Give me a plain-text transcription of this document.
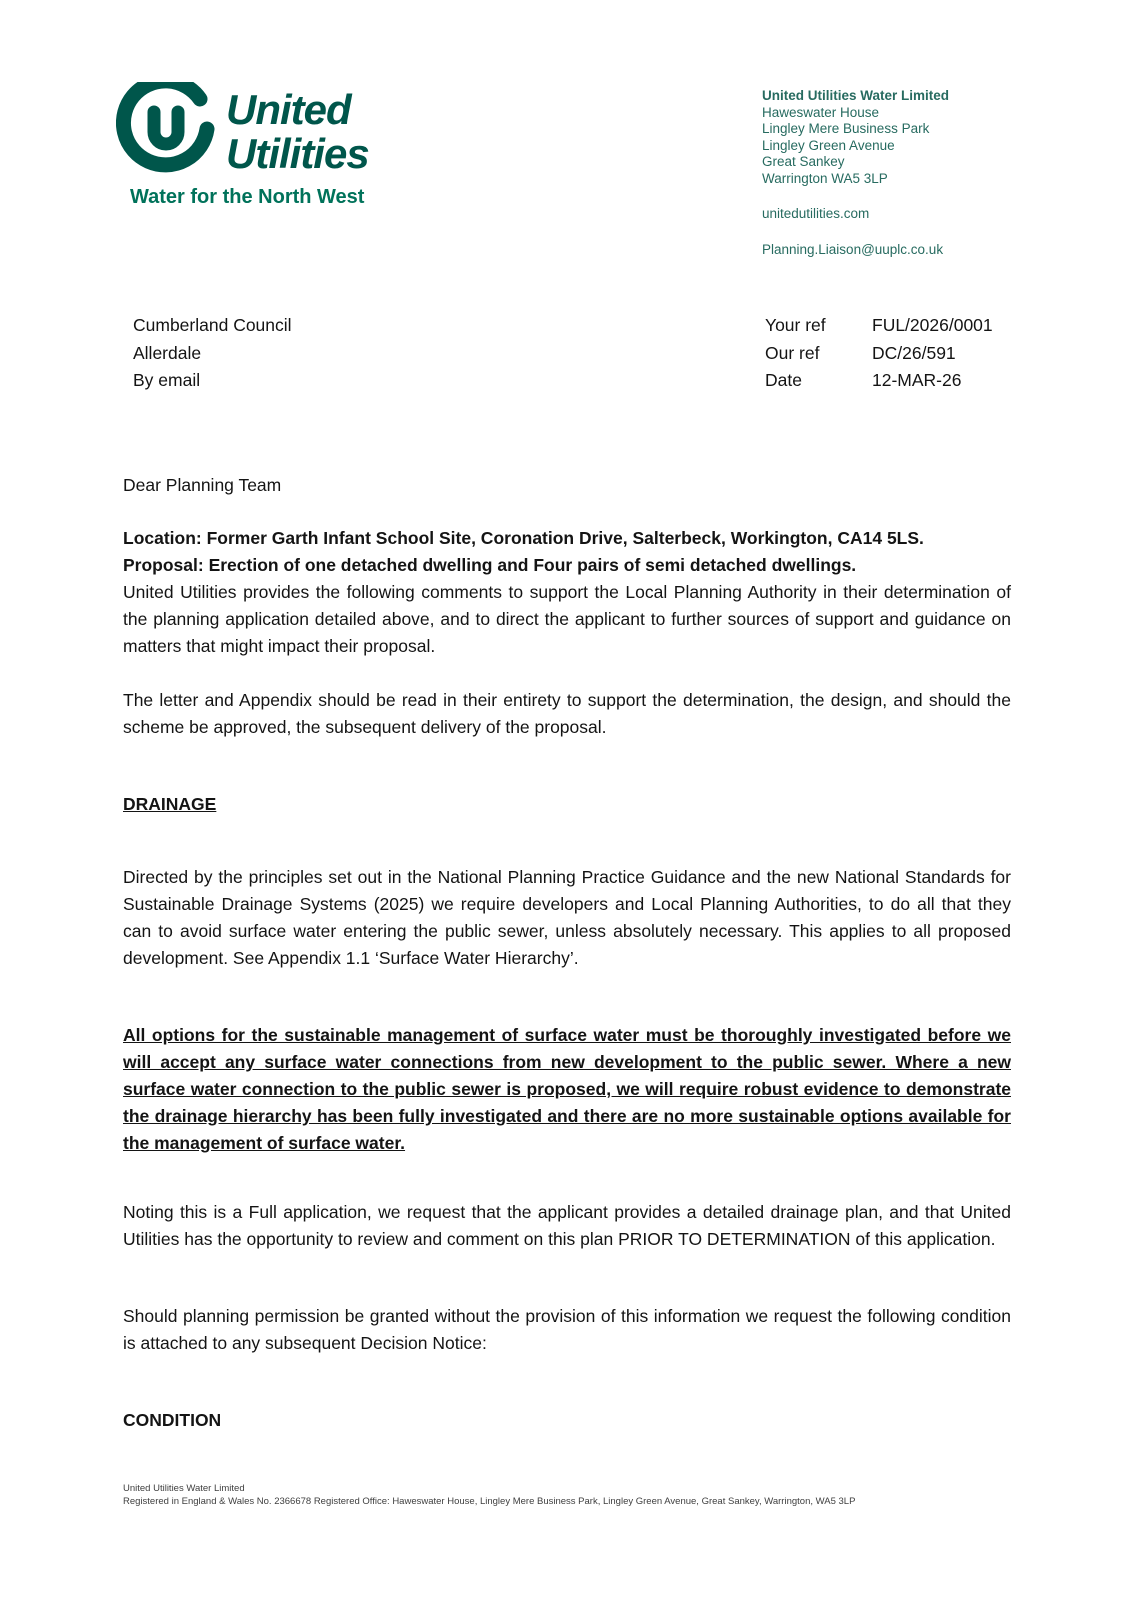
United
Utilities
Water for the North West
United Utilities Water Limited
Haweswater House
Lingley Mere Business Park
Lingley Green Avenue
Great Sankey
Warrington WA5 3LP
unitedutilities.com
Planning.Liaison@uuplc.co.uk
Cumberland Council
Allerdale
By email
Your ref	FUL/2026/0001
Our ref	DC/26/591
Date	12-MAR-26

Dear Planning Team

Location: Former Garth Infant School Site, Coronation Drive, Salterbeck, Workington, CA14 5LS.
Proposal: Erection of one detached dwelling and Four pairs of semi detached dwellings.
United Utilities provides the following comments to support the Local Planning Authority in their determination of the planning application detailed above, and to direct the applicant to further sources of support and guidance on matters that might impact their proposal.

The letter and Appendix should be read in their entirety to support the determination, the design, and should the scheme be approved, the subsequent delivery of the proposal.

DRAINAGE

Directed by the principles set out in the National Planning Practice Guidance and the new National Standards for Sustainable Drainage Systems (2025) we require developers and Local Planning Authorities, to do all that they can to avoid surface water entering the public sewer, unless absolutely necessary. This applies to all proposed development. See Appendix 1.1 ‘Surface Water Hierarchy’.

All options for the sustainable management of surface water must be thoroughly investigated before we will accept any surface water connections from new development to the public sewer. Where a new surface water connection to the public sewer is proposed, we will require robust evidence to demonstrate the drainage hierarchy has been fully investigated and there are no more sustainable options available for the management of surface water.

Noting this is a Full application, we request that the applicant provides a detailed drainage plan, and that United Utilities has the opportunity to review and comment on this plan PRIOR TO DETERMINATION of this application.

Should planning permission be granted without the provision of this information we request the following condition is attached to any subsequent Decision Notice:

CONDITION

United Utilities Water Limited
Registered in England & Wales No. 2366678 Registered Office: Haweswater House, Lingley Mere Business Park, Lingley Green Avenue, Great Sankey, Warrington, WA5 3LP
